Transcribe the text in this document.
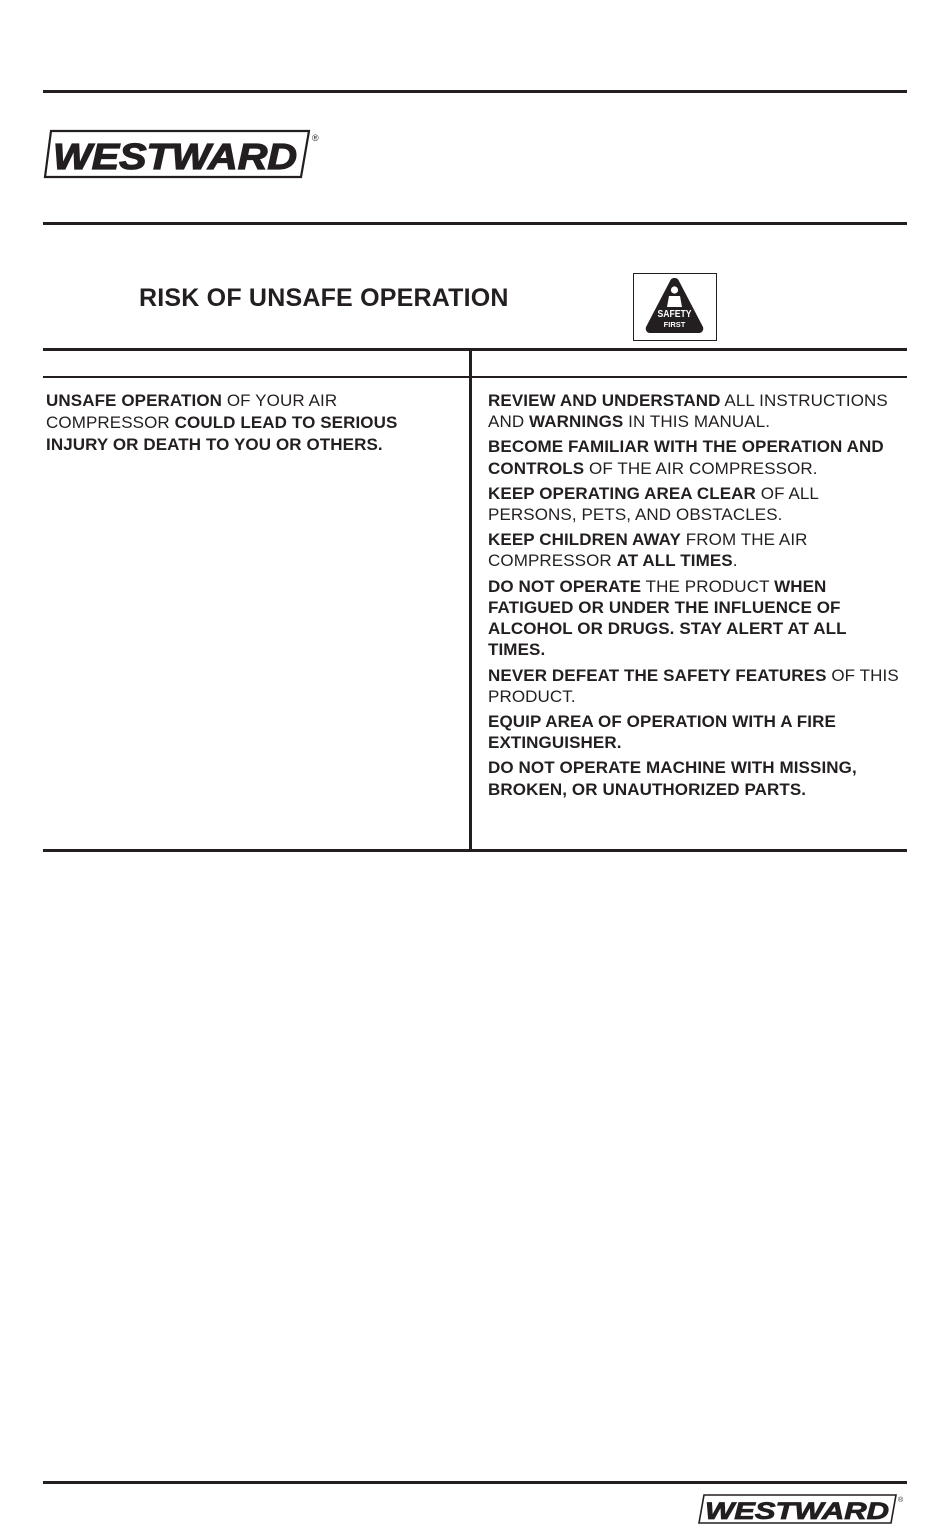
WESTWARD ®
RISK OF UNSAFE OPERATION
SAFETY
FIRST
UNSAFE OPERATION OF YOUR AIR COMPRESSOR COULD LEAD TO SERIOUS INJURY OR DEATH TO YOU OR OTHERS.

REVIEW AND UNDERSTAND ALL INSTRUCTIONS AND WARNINGS IN THIS MANUAL.

BECOME FAMILIAR WITH THE OPERATION AND CONTROLS OF THE AIR COMPRESSOR.

KEEP OPERATING AREA CLEAR OF ALL PERSONS, PETS, AND OBSTACLES.

KEEP CHILDREN AWAY FROM THE AIR COMPRESSOR AT ALL TIMES.

DO NOT OPERATE THE PRODUCT WHEN FATIGUED OR UNDER THE INFLUENCE OF ALCOHOL OR DRUGS. STAY ALERT AT ALL TIMES.

NEVER DEFEAT THE SAFETY FEATURES OF THIS PRODUCT.

EQUIP AREA OF OPERATION WITH A FIRE EXTINGUISHER.

DO NOT OPERATE MACHINE WITH MISSING, BROKEN, OR UNAUTHORIZED PARTS.

WESTWARD ®
